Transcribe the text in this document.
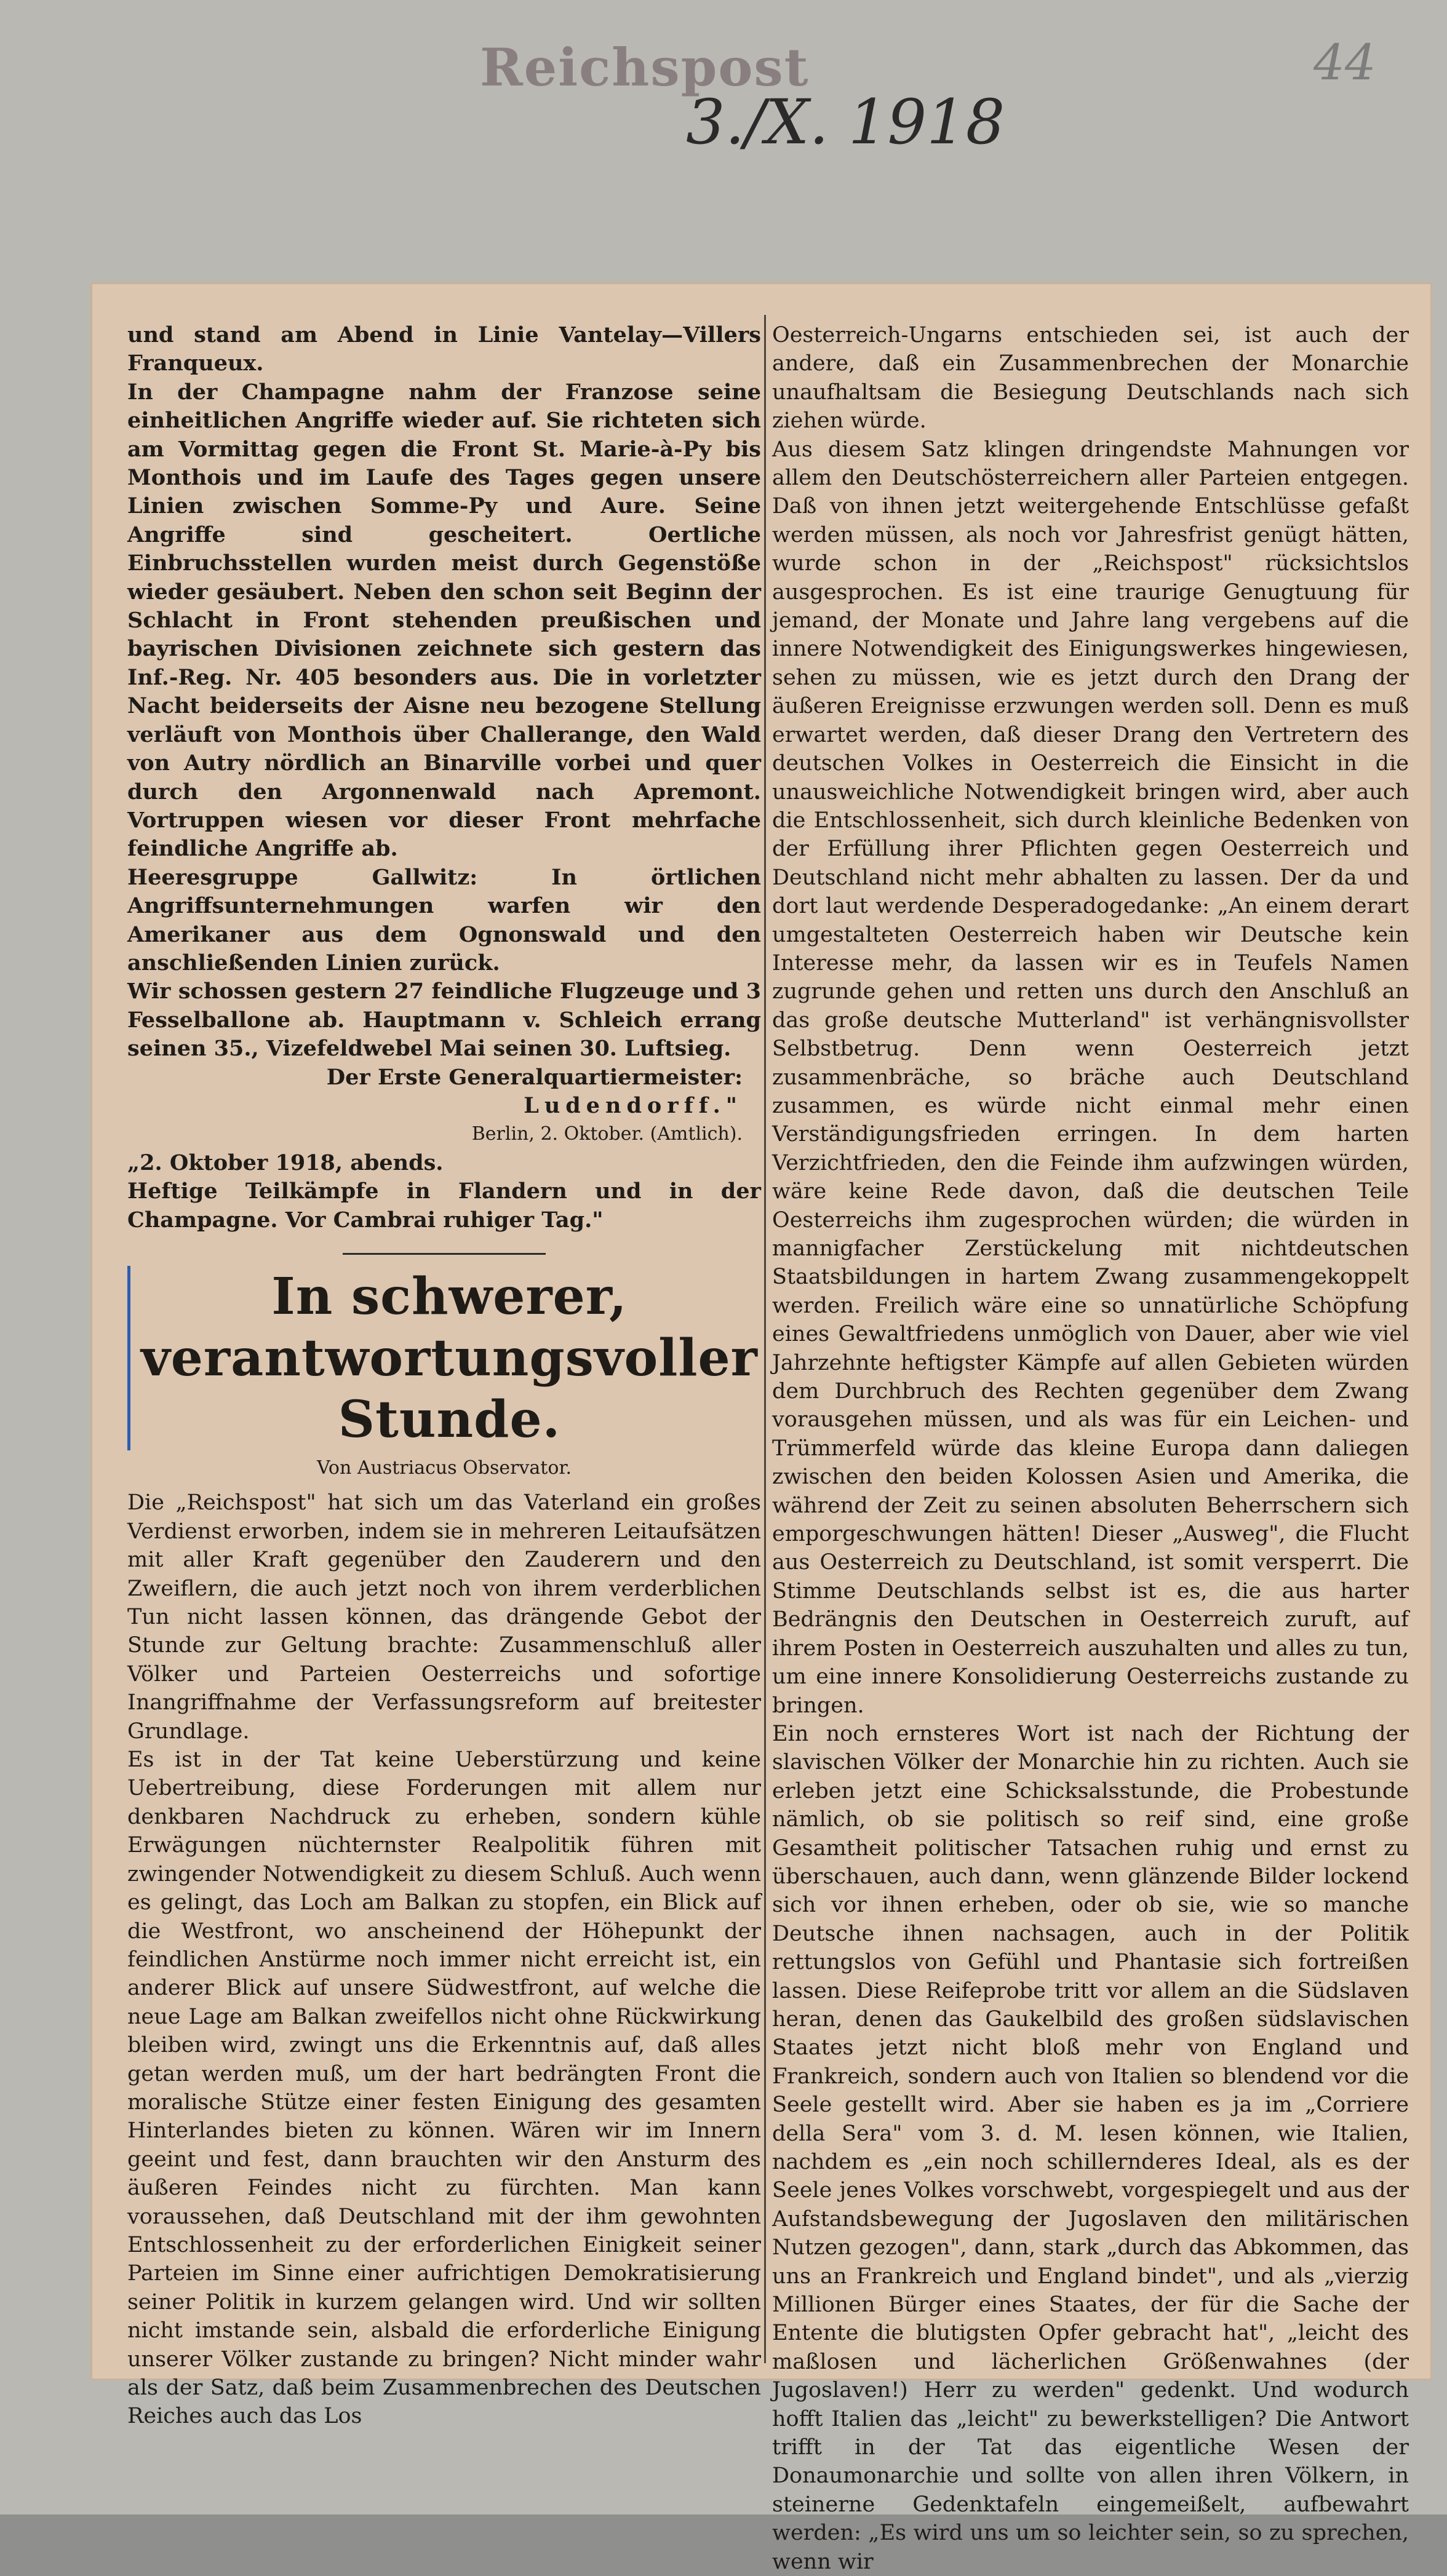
Reichspost
3./X. 1918
44

und stand am Abend in Linie Vantelay—Villers Franqueux.

In der Champagne nahm der Franzose seine einheitlichen Angriffe wieder auf. Sie richteten sich am Vormittag gegen die Front St. Marie-à-Py bis Monthois und im Laufe des Tages gegen unsere Linien zwischen Somme-Py und Aure. Seine Angriffe sind gescheitert. Oertliche Einbruchsstellen wurden meist durch Gegenstöße wieder gesäubert. Neben den schon seit Beginn der Schlacht in Front stehenden preußischen und bayrischen Divisionen zeichnete sich gestern das Inf.-Reg. Nr. 405 besonders aus. Die in vorletzter Nacht beiderseits der Aisne neu bezogene Stellung verläuft von Monthois über Challerange, den Wald von Autry nördlich an Binarville vorbei und quer durch den Argonnenwald nach Apremont. Vortruppen wiesen vor dieser Front mehrfache feindliche Angriffe ab.

Heeresgruppe Gallwitz: In örtlichen Angriffsunternehmungen warfen wir den Amerikaner aus dem Ognonswald und den anschließenden Linien zurück.

Wir schossen gestern 27 feindliche Flugzeuge und 3 Fesselballone ab. Hauptmann v. Schleich errang seinen 35., Vizefeldwebel Mai seinen 30. Luftsieg.

Der Erste Generalquartiermeister:

Ludendorff."

Berlin, 2. Oktober. (Amtlich).

„2. Oktober 1918, abends.

Heftige Teilkämpfe in Flandern und in der Champagne. Vor Cambrai ruhiger Tag."

In schwerer, verantwortungsvoller Stunde.
Von Austriacus Observator.

Die „Reichspost" hat sich um das Vaterland ein großes Verdienst erworben, indem sie in mehreren Leitaufsätzen mit aller Kraft gegenüber den Zauderern und den Zweiflern, die auch jetzt noch von ihrem verderblichen Tun nicht lassen können, das drängende Gebot der Stunde zur Geltung brachte: Zusammenschluß aller Völker und Parteien Oesterreichs und sofortige Inangriffnahme der Verfassungsreform auf breitester Grundlage.

Es ist in der Tat keine Ueberstürzung und keine Uebertreibung, diese Forderungen mit allem nur denkbaren Nachdruck zu erheben, sondern kühle Erwägungen nüchternster Realpolitik führen mit zwingender Notwendigkeit zu diesem Schluß. Auch wenn es gelingt, das Loch am Balkan zu stopfen, ein Blick auf die Westfront, wo anscheinend der Höhepunkt der feindlichen Anstürme noch immer nicht erreicht ist, ein anderer Blick auf unsere Südwestfront, auf welche die neue Lage am Balkan zweifellos nicht ohne Rückwirkung bleiben wird, zwingt uns die Erkenntnis auf, daß alles getan werden muß, um der hart bedrängten Front die moralische Stütze einer festen Einigung des gesamten Hinterlandes bieten zu können. Wären wir im Innern geeint und fest, dann brauchten wir den Ansturm des äußeren Feindes nicht zu fürchten. Man kann voraussehen, daß Deutschland mit der ihm gewohnten Entschlossenheit zu der erforderlichen Einigkeit seiner Parteien im Sinne einer aufrichtigen Demokratisierung seiner Politik in kurzem gelangen wird. Und wir sollten nicht imstande sein, alsbald die erforderliche Einigung unserer Völker zustande zu bringen? Nicht minder wahr als der Satz, daß beim Zusammenbrechen des Deutschen Reiches auch das Los

Oesterreich-Ungarns entschieden sei, ist auch der andere, daß ein Zusammenbrechen der Monarchie unaufhaltsam die Besiegung Deutschlands nach sich ziehen würde.

Aus diesem Satz klingen dringendste Mahnungen vor allem den Deutschösterreichern aller Parteien entgegen. Daß von ihnen jetzt weitergehende Entschlüsse gefaßt werden müssen, als noch vor Jahresfrist genügt hätten, wurde schon in der „Reichspost" rücksichtslos ausgesprochen. Es ist eine traurige Genugtuung für jemand, der Monate und Jahre lang vergebens auf die innere Notwendigkeit des Einigungswerkes hingewiesen, sehen zu müssen, wie es jetzt durch den Drang der äußeren Ereignisse erzwungen werden soll. Denn es muß erwartet werden, daß dieser Drang den Vertretern des deutschen Volkes in Oesterreich die Einsicht in die unausweichliche Notwendigkeit bringen wird, aber auch die Entschlossenheit, sich durch kleinliche Bedenken von der Erfüllung ihrer Pflichten gegen Oesterreich und Deutschland nicht mehr abhalten zu lassen. Der da und dort laut werdende Desperadogedanke: „An einem derart umgestalteten Oesterreich haben wir Deutsche kein Interesse mehr, da lassen wir es in Teufels Namen zugrunde gehen und retten uns durch den Anschluß an das große deutsche Mutterland" ist verhängnisvollster Selbstbetrug. Denn wenn Oesterreich jetzt zusammenbräche, so bräche auch Deutschland zusammen, es würde nicht einmal mehr einen Verständigungsfrieden erringen. In dem harten Verzichtfrieden, den die Feinde ihm aufzwingen würden, wäre keine Rede davon, daß die deutschen Teile Oesterreichs ihm zugesprochen würden; die würden in mannigfacher Zerstückelung mit nichtdeutschen Staatsbildungen in hartem Zwang zusammengekoppelt werden. Freilich wäre eine so unnatürliche Schöpfung eines Gewaltfriedens unmöglich von Dauer, aber wie viel Jahrzehnte heftigster Kämpfe auf allen Gebieten würden dem Durchbruch des Rechten gegenüber dem Zwang vorausgehen müssen, und als was für ein Leichen- und Trümmerfeld würde das kleine Europa dann daliegen zwischen den beiden Kolossen Asien und Amerika, die während der Zeit zu seinen absoluten Beherrschern sich emporgeschwungen hätten! Dieser „Ausweg", die Flucht aus Oesterreich zu Deutschland, ist somit versperrt. Die Stimme Deutschlands selbst ist es, die aus harter Bedrängnis den Deutschen in Oesterreich zuruft, auf ihrem Posten in Oesterreich auszuhalten und alles zu tun, um eine innere Konsolidierung Oesterreichs zustande zu bringen.

Ein noch ernsteres Wort ist nach der Richtung der slavischen Völker der Monarchie hin zu richten. Auch sie erleben jetzt eine Schicksalsstunde, die Probestunde nämlich, ob sie politisch so reif sind, eine große Gesamtheit politischer Tatsachen ruhig und ernst zu überschauen, auch dann, wenn glänzende Bilder lockend sich vor ihnen erheben, oder ob sie, wie so manche Deutsche ihnen nachsagen, auch in der Politik rettungslos von Gefühl und Phantasie sich fortreißen lassen. Diese Reifeprobe tritt vor allem an die Südslaven heran, denen das Gaukelbild des großen südslavischen Staates jetzt nicht bloß mehr von England und Frankreich, sondern auch von Italien so blendend vor die Seele gestellt wird. Aber sie haben es ja im „Corriere della Sera" vom 3. d. M. lesen können, wie Italien, nachdem es „ein noch schillernderes Ideal, als es der Seele jenes Volkes vorschwebt, vorgespiegelt und aus der Aufstandsbewegung der Jugoslaven den militärischen Nutzen gezogen", dann, stark „durch das Abkommen, das uns an Frankreich und England bindet", und als „vierzig Millionen Bürger eines Staates, der für die Sache der Entente die blutigsten Opfer gebracht hat", „leicht des maßlosen und lächerlichen Größenwahnes (der Jugoslaven!) Herr zu werden" gedenkt. Und wodurch hofft Italien das „leicht" zu bewerkstelligen? Die Antwort trifft in der Tat das eigentliche Wesen der Donaumonarchie und sollte von allen ihren Völkern, in steinerne Gedenktafeln eingemeißelt, aufbewahrt werden: „Es wird uns um so leichter sein, so zu sprechen, wenn wir
